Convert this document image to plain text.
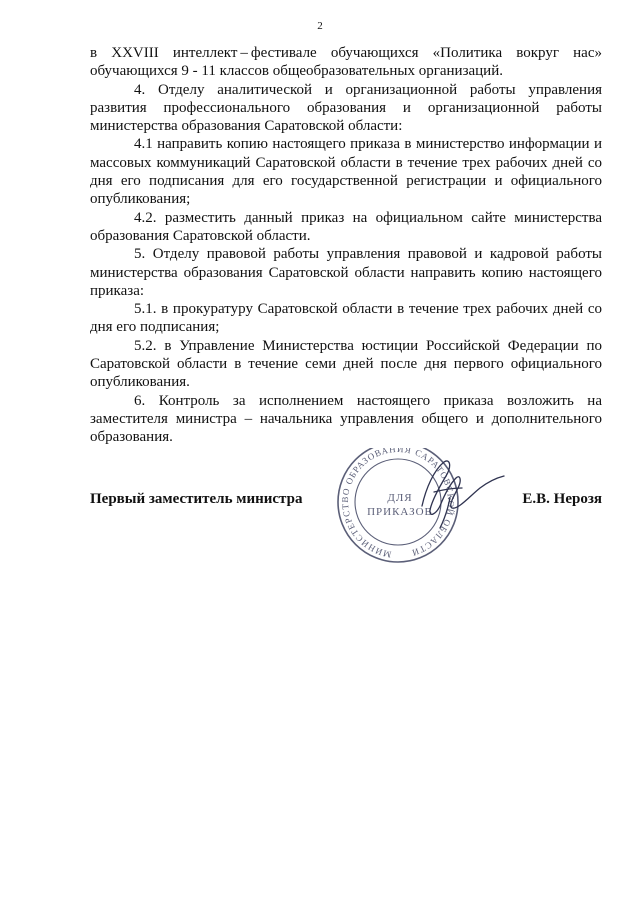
2

в XXVIII интеллект – фестивале обучающихся «Политика вокруг нас» обучающихся 9 - 11 классов общеобразовательных организаций.

4. Отделу аналитической и организационной работы управления развития профессионального образования и организационной работы министерства образования Саратовской области:

4.1 направить копию настоящего приказа в министерство информации и массовых коммуникаций Саратовской области в течение трех рабочих дней со дня его подписания для его государственной регистрации и официального опубликования;

4.2. разместить данный приказ на официальном сайте министерства образования Саратовской области.

5. Отделу правовой работы управления правовой и кадровой работы министерства образования Саратовской области направить копию настоящего приказа:

5.1. в прокуратуру Саратовской области в течение трех рабочих дней со дня его подписания;

5.2. в Управление Министерства юстиции Российской Федерации по Саратовской области в течение семи дней после дня первого официального опубликования.

6. Контроль за исполнением настоящего приказа возложить на заместителя министра – начальника управления общего и дополнительного образования.

Первый заместитель министра	Е.В. Нерозя
МИНИСТЕРСТВО ОБРАЗОВАНИЯ САРАТОВСКОЙ ОБЛАСТИ
ДЛЯ
ПРИКАЗОВ
